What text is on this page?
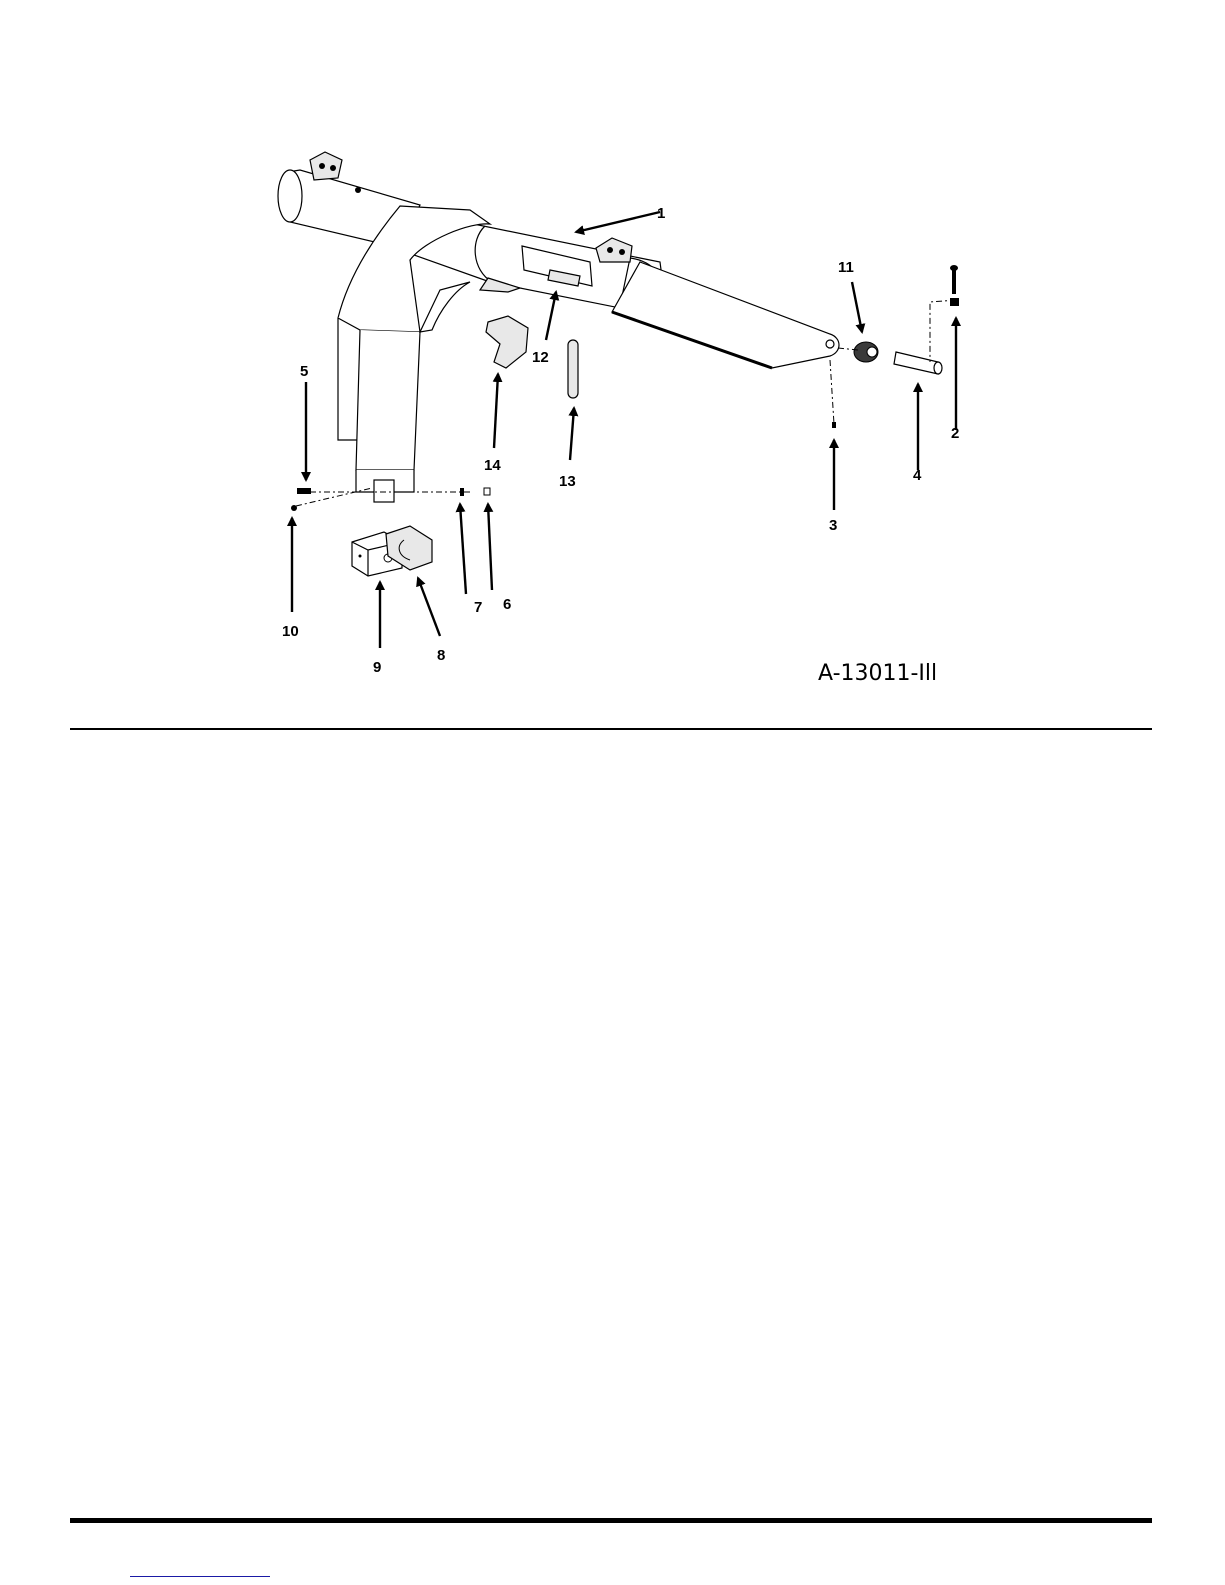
1
2
3
4
5
6
7
8
9
10
11
12
13
14
A-13011-Ill
